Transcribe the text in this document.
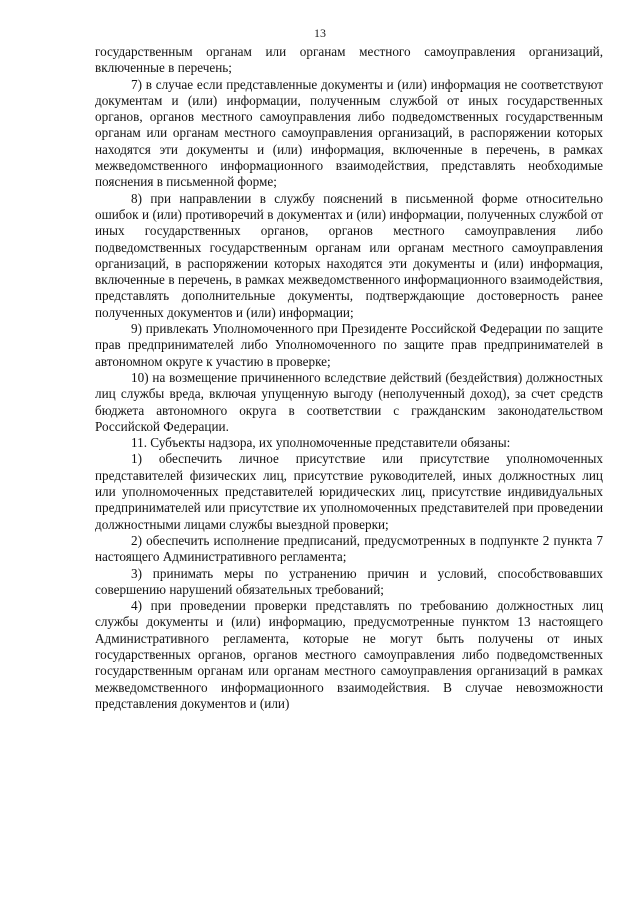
13

государственным органам или органам местного самоуправления организаций, включенные в перечень;

7) в случае если представленные документы и (или) информация не соответствуют документам и (или) информации, полученным службой от иных государственных органов, органов местного самоуправления либо подведомственных государственным органам или органам местного самоуправления организаций, в распоряжении которых находятся эти документы и (или) информация, включенные в перечень, в рамках межведомственного информационного взаимодействия, представлять необходимые пояснения в письменной форме;

8) при направлении в службу пояснений в письменной форме относительно ошибок и (или) противоречий в документах и (или) информации, полученных службой от иных государственных органов, органов местного самоуправления либо подведомственных государственным органам или органам местного самоуправления организаций, в распоряжении которых находятся эти документы и (или) информация, включенные в перечень, в рамках межведомственного информационного взаимодействия, представлять дополнительные документы, подтверждающие достоверность ранее полученных документов и (или) информации;

9) привлекать Уполномоченного при Президенте Российской Федерации по защите прав предпринимателей либо Уполномоченного по защите прав предпринимателей в автономном округе к участию в проверке;

10) на возмещение причиненного вследствие действий (бездействия) должностных лиц службы вреда, включая упущенную выгоду (неполученный доход), за счет средств бюджета автономного округа в соответствии с гражданским законодательством Российской Федерации.

11. Субъекты надзора, их уполномоченные представители обязаны:

1) обеспечить личное присутствие или присутствие уполномоченных представителей физических лиц, присутствие руководителей, иных должностных лиц или уполномоченных представителей юридических лиц, присутствие индивидуальных предпринимателей или присутствие их уполномоченных представителей при проведении должностными лицами службы выездной проверки;

2) обеспечить исполнение предписаний, предусмотренных в подпункте 2 пункта 7 настоящего Административного регламента;

3) принимать меры по устранению причин и условий, способствовавших совершению нарушений обязательных требований;

4) при проведении проверки представлять по требованию должностных лиц службы документы и (или) информацию, предусмотренные пунктом 13 настоящего Административного регламента, которые не могут быть получены от иных государственных органов, органов местного самоуправления либо подведомственных государственным органам или органам местного самоуправления организаций в рамках межведомственного информационного взаимодействия. В случае невозможности представления документов и (или)
